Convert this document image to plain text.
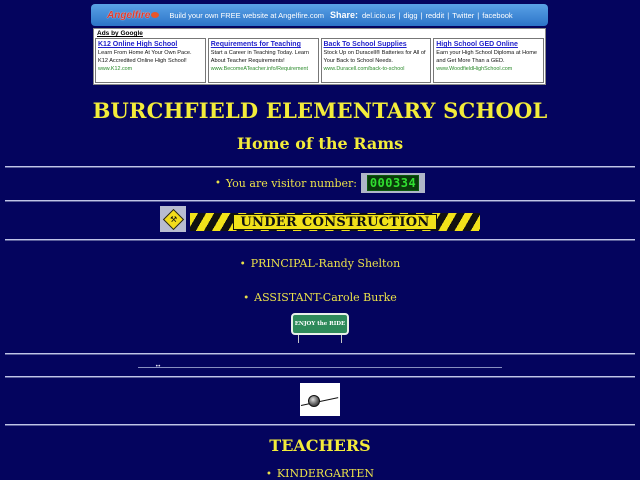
Angelfire	Build your own FREE website at Angelfire.com Share: del.icio.us | digg | reddit | Twitter | facebook
Ads by Google
K12 Online High School
Learn From Home At Your Own Pace. K12 Accredited Online High School!
www.K12.com
Requirements for Teaching
Start a Career in Teaching Today. Learn About Teacher Requirements!
www.BecomeATeacher.info/Requirement
Back To School Supplies
Stock Up on Duracell® Batteries for All of Your Back to School Needs.
www.Duracell.com/back-to-school
High School GED Online
Earn your High School Diploma at Home and Get More Than a GED.
www.WoodfieldHighSchool.com
BURCHFIELD ELEMENTARY SCHOOL
Home of the Rams
• You are visitor number: 000334
⚒	UNDER CONSTRUCTION
• PRINCIPAL-Randy Shelton
• ASSISTANT-Carole Burke
ENJOY the RIDE
••
TEACHERS
• KINDERGARTEN
